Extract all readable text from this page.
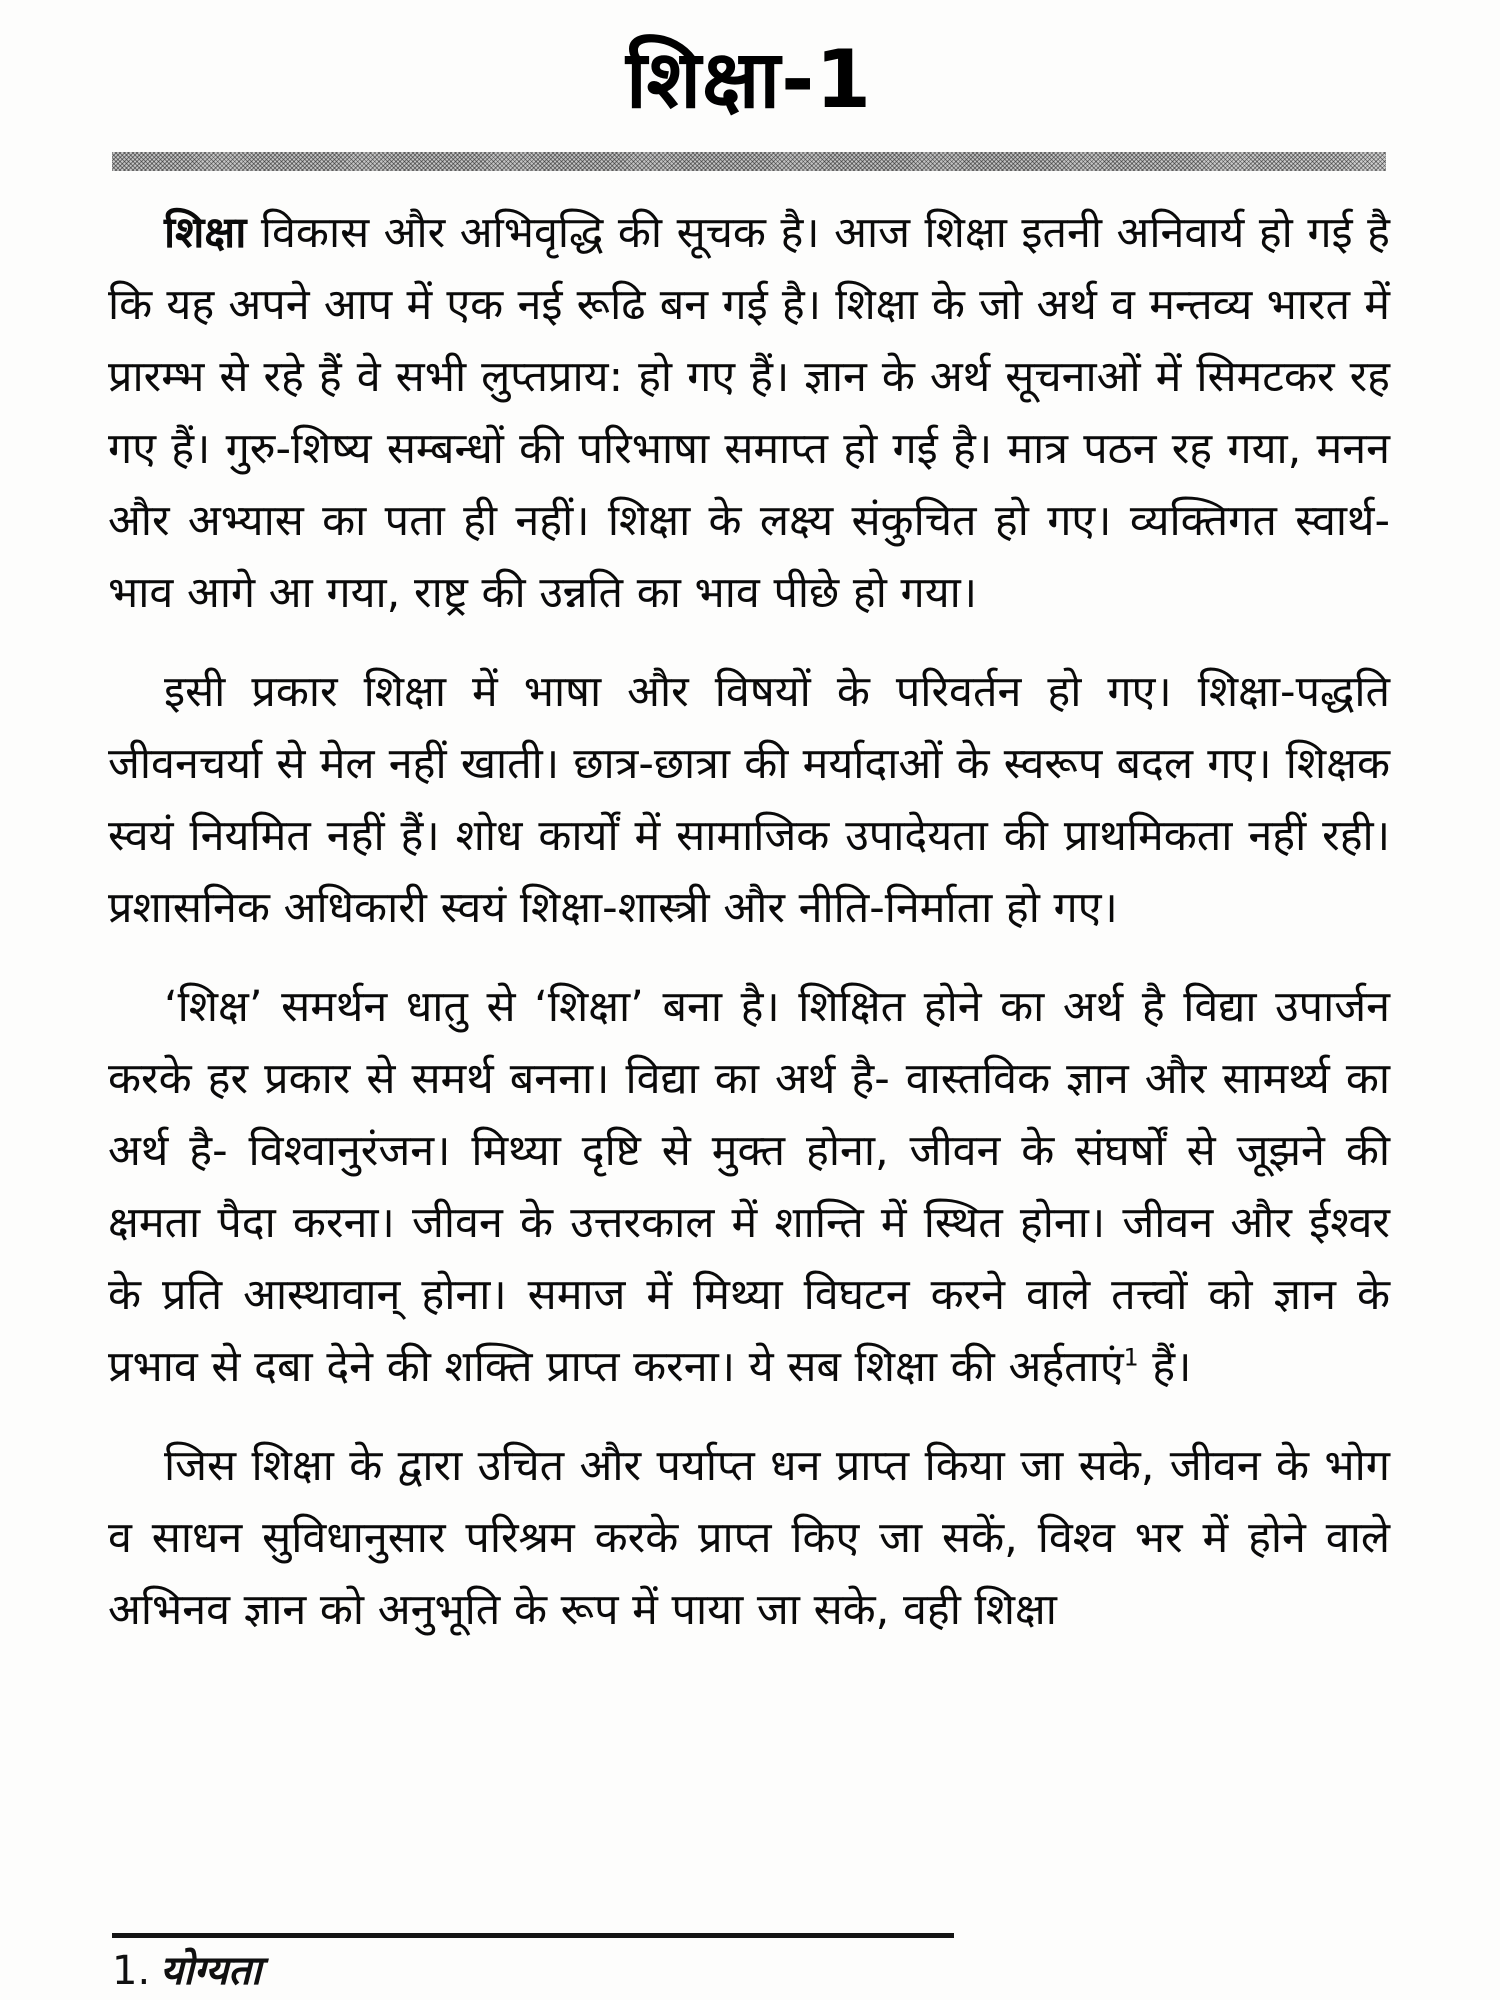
शिक्षा-1

शिक्षा विकास और अभिवृद्धि की सूचक है। आज शिक्षा इतनी अनिवार्य हो गई है कि यह अपने आप में एक नई रूढि बन गई है। शिक्षा के जो अर्थ व मन्तव्य भारत में प्रारम्भ से रहे हैं वे सभी लुप्तप्राय: हो गए हैं। ज्ञान के अर्थ सूचनाओं में सिमटकर रह गए हैं। गुरु-शिष्य सम्बन्धों की परिभाषा समाप्त हो गई है। मात्र पठन रह गया, मनन और अभ्यास का पता ही नहीं। शिक्षा के लक्ष्य संकुचित हो गए। व्यक्तिगत स्वार्थ-भाव आगे आ गया, राष्ट्र की उन्नति का भाव पीछे हो गया।

इसी प्रकार शिक्षा में भाषा और विषयों के परिवर्तन हो गए। शिक्षा-पद्धति जीवनचर्या से मेल नहीं खाती। छात्र-छात्रा की मर्यादाओं के स्वरूप बदल गए। शिक्षक स्वयं नियमित नहीं हैं। शोध कार्यों में सामाजिक उपादेयता की प्राथमिकता नहीं रही। प्रशासनिक अधिकारी स्वयं शिक्षा-शास्त्री और नीति-निर्माता हो गए।

‘शिक्ष’ समर्थन धातु से ‘शिक्षा’ बना है। शिक्षित होने का अर्थ है विद्या उपार्जन करके हर प्रकार से समर्थ बनना। विद्या का अर्थ है- वास्तविक ज्ञान और सामर्थ्य का अर्थ है- विश्वानुरंजन। मिथ्या दृष्टि से मुक्त होना, जीवन के संघर्षों से जूझने की क्षमता पैदा करना। जीवन के उत्तरकाल में शान्ति में स्थित होना। जीवन और ईश्वर के प्रति आस्थावान् होना। समाज में मिथ्या विघटन करने वाले तत्त्वों को ज्ञान के प्रभाव से दबा देने की शक्ति प्राप्त करना। ये सब शिक्षा की अर्हताएं$^1$ हैं।

जिस शिक्षा के द्वारा उचित और पर्याप्त धन प्राप्त किया जा सके, जीवन के भोग व साधन सुविधानुसार परिश्रम करके प्राप्त किए जा सकें, विश्व भर में होने वाले अभिनव ज्ञान को अनुभूति के रूप में पाया जा सके, वही शिक्षा

1. योग्यता
